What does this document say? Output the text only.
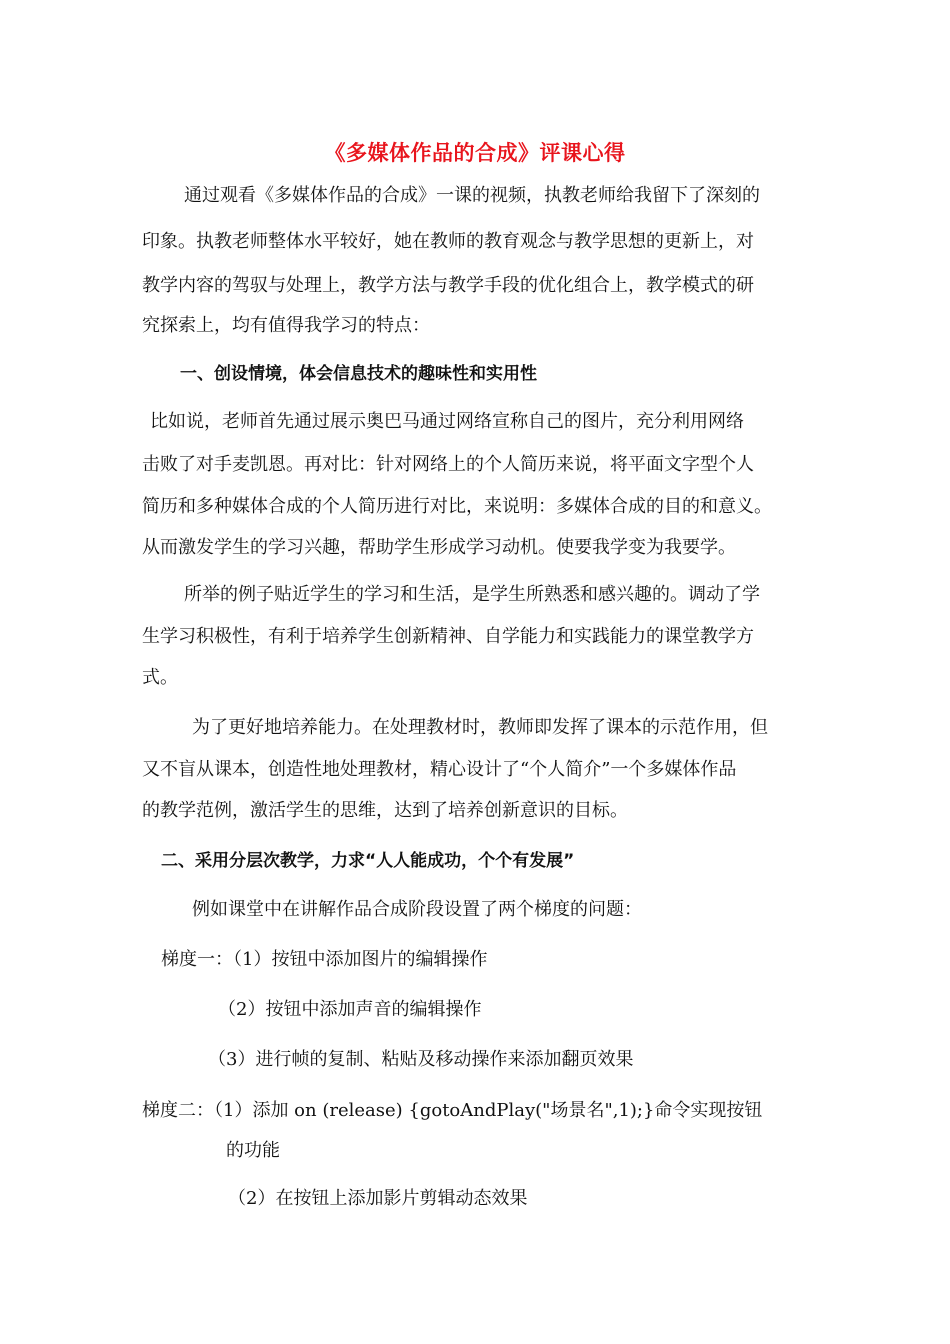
《多媒体作品的合成》评课心得
通过观看《多媒体作品的合成》一课的视频，执教老师给我留下了深刻的
印象。执教老师整体水平较好，她在教师的教育观念与教学思想的更新上，对
教学内容的驾驭与处理上，教学方法与教学手段的优化组合上，教学模式的研
究探索上，均有值得我学习的特点：
一、创设情境，体会信息技术的趣味性和实用性
比如说，老师首先通过展示奥巴马通过网络宣称自己的图片，充分利用网络
击败了对手麦凯恩。再对比：针对网络上的个人简历来说，将平面文字型个人
简历和多种媒体合成的个人简历进行对比，来说明：多媒体合成的目的和意义。
从而激发学生的学习兴趣，帮助学生形成学习动机。使要我学变为我要学。
所举的例子贴近学生的学习和生活，是学生所熟悉和感兴趣的。调动了学
生学习积极性，有利于培养学生创新精神、自学能力和实践能力的课堂教学方
式。
为了更好地培养能力。在处理教材时，教师即发挥了课本的示范作用，但
又不盲从课本，创造性地处理教材，精心设计了“个人简介”一个多媒体作品
的教学范例，激活学生的思维，达到了培养创新意识的目标。
二、采用分层次教学，力求“人人能成功，个个有发展”
例如课堂中在讲解作品合成阶段设置了两个梯度的问题：
梯度一：（1）按钮中添加图片的编辑操作
（2）按钮中添加声音的编辑操作
（3）进行帧的复制、粘贴及移动操作来添加翻页效果
梯度二：（1）添加 on (release) {gotoAndPlay("场景名",1);}命令实现按钮
的功能
（2）在按钮上添加影片剪辑动态效果
